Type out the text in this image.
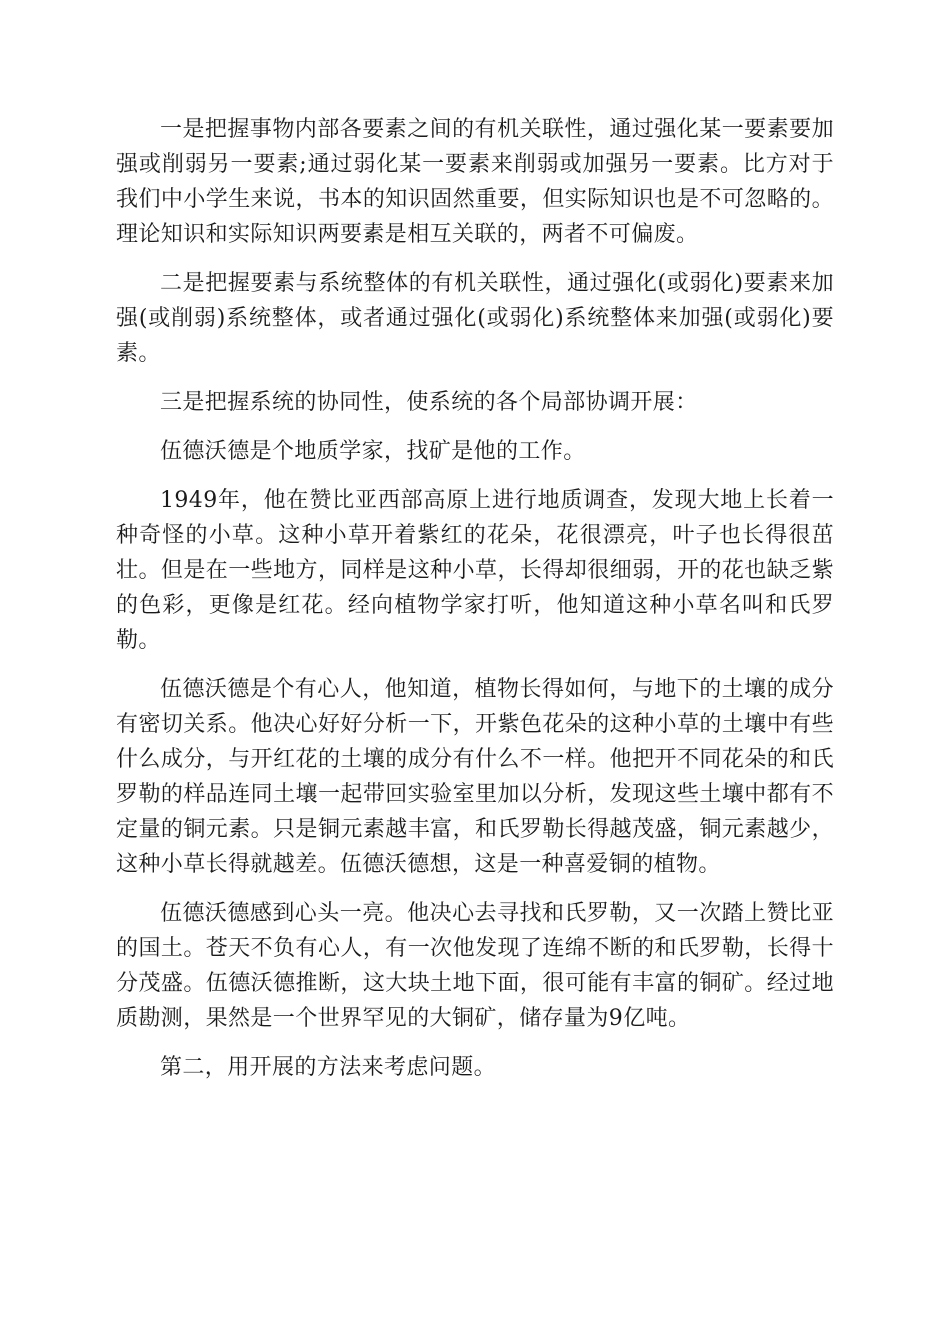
一是把握事物内部各要素之间的有机关联性，通过强化某一要素要加强或削弱另一要素;通过弱化某一要素来削弱或加强另一要素。比方对于我们中小学生来说，书本的知识固然重要，但实际知识也是不可忽略的。理论知识和实际知识两要素是相互关联的，两者不可偏废。

二是把握要素与系统整体的有机关联性，通过强化(或弱化)要素来加强(或削弱)系统整体，或者通过强化(或弱化)系统整体来加强(或弱化)要素。

三是把握系统的协同性，使系统的各个局部协调开展：

伍德沃德是个地质学家，找矿是他的工作。

1949年，他在赞比亚西部高原上进行地质调查，发现大地上长着一种奇怪的小草。这种小草开着紫红的花朵，花很漂亮，叶子也长得很茁壮。但是在一些地方，同样是这种小草，长得却很细弱，开的花也缺乏紫的色彩，更像是红花。经向植物学家打听，他知道这种小草名叫和氏罗勒。

伍德沃德是个有心人，他知道，植物长得如何，与地下的土壤的成分有密切关系。他决心好好分析一下，开紫色花朵的这种小草的土壤中有些什么成分，与开红花的土壤的成分有什么不一样。他把开不同花朵的和氏罗勒的样品连同土壤一起带回实验室里加以分析，发现这些土壤中都有不定量的铜元素。只是铜元素越丰富，和氏罗勒长得越茂盛，铜元素越少，这种小草长得就越差。伍德沃德想，这是一种喜爱铜的植物。

伍德沃德感到心头一亮。他决心去寻找和氏罗勒，又一次踏上赞比亚的国土。苍天不负有心人，有一次他发现了连绵不断的和氏罗勒，长得十分茂盛。伍德沃德推断，这大块土地下面，很可能有丰富的铜矿。经过地质勘测，果然是一个世界罕见的大铜矿，储存量为9亿吨。

第二，用开展的方法来考虑问题。
